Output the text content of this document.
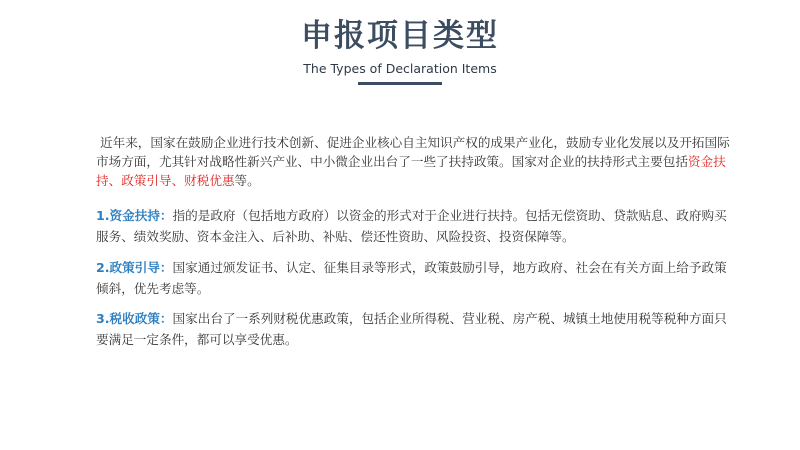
申报项目类型
The Types of Declaration Items
近年来，国家在鼓励企业进行技术创新、促进企业核心自主知识产权的成果产业化，鼓励专业化发展以及开拓国际市场方面，尤其针对战略性新兴产业、中小微企业出台了一些了扶持政策。国家对企业的扶持形式主要包括资金扶持、政策引导、财税优惠等。
1.资金扶持：指的是政府（包括地方政府）以资金的形式对于企业进行扶持。包括无偿资助、贷款贴息、政府购买服务、绩效奖励、资本金注入、后补助、补贴、偿还性资助、风险投资、投资保障等。
2.政策引导：国家通过颁发证书、认定、征集目录等形式，政策鼓励引导，地方政府、社会在有关方面上给予政策倾斜，优先考虑等。
3.税收政策：国家出台了一系列财税优惠政策，包括企业所得税、营业税、房产税、城镇土地使用税等税种方面只要满足一定条件，都可以享受优惠。
